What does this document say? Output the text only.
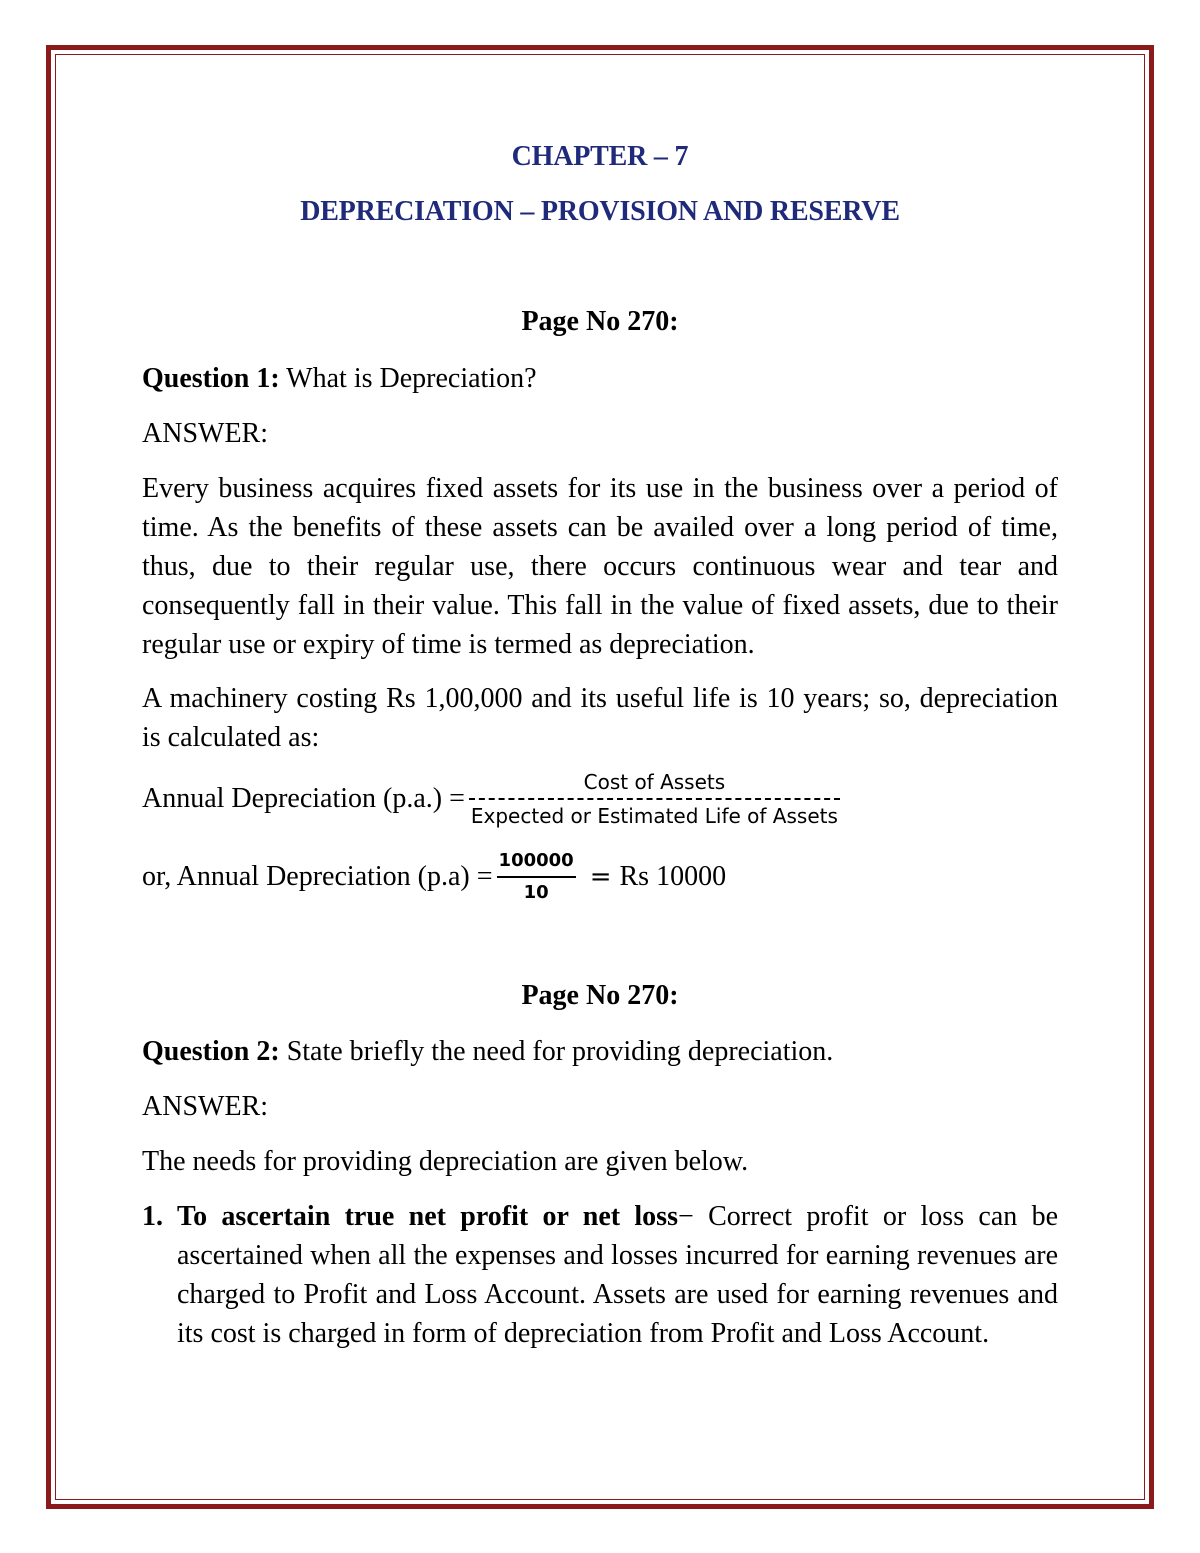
CHAPTER – 7
DEPRECIATION – PROVISION AND RESERVE
Page No 270:
Question 1: What is Depreciation?
ANSWER:
Every business acquires fixed assets for its use in the business over a period of time. As the benefits of these assets can be availed over a long period of time, thus, due to their regular use, there occurs continuous wear and tear and consequently fall in their value. This fall in the value of fixed assets, due to their regular use or expiry of time is termed as depreciation.
A machinery costing Rs 1,00,000 and its useful life is 10 years; so, depreciation is calculated as:
Annual Depreciation $(p.a.) = \frac{\text{Cost of Assets}}{\text{Expected or Estimated Life of Assets}}$
or, Annual Depreciation $(p.a) = \frac{100000}{10} = Rs$ 10000
Page No 270:
Question 2: State briefly the need for providing depreciation.
ANSWER:
The needs for providing depreciation are given below.
1. To ascertain true net profit or net loss− Correct profit or loss can be ascertained when all the expenses and losses incurred for earning revenues are charged to Profit and Loss Account. Assets are used for earning revenues and its cost is charged in form of depreciation from Profit and Loss Account.
